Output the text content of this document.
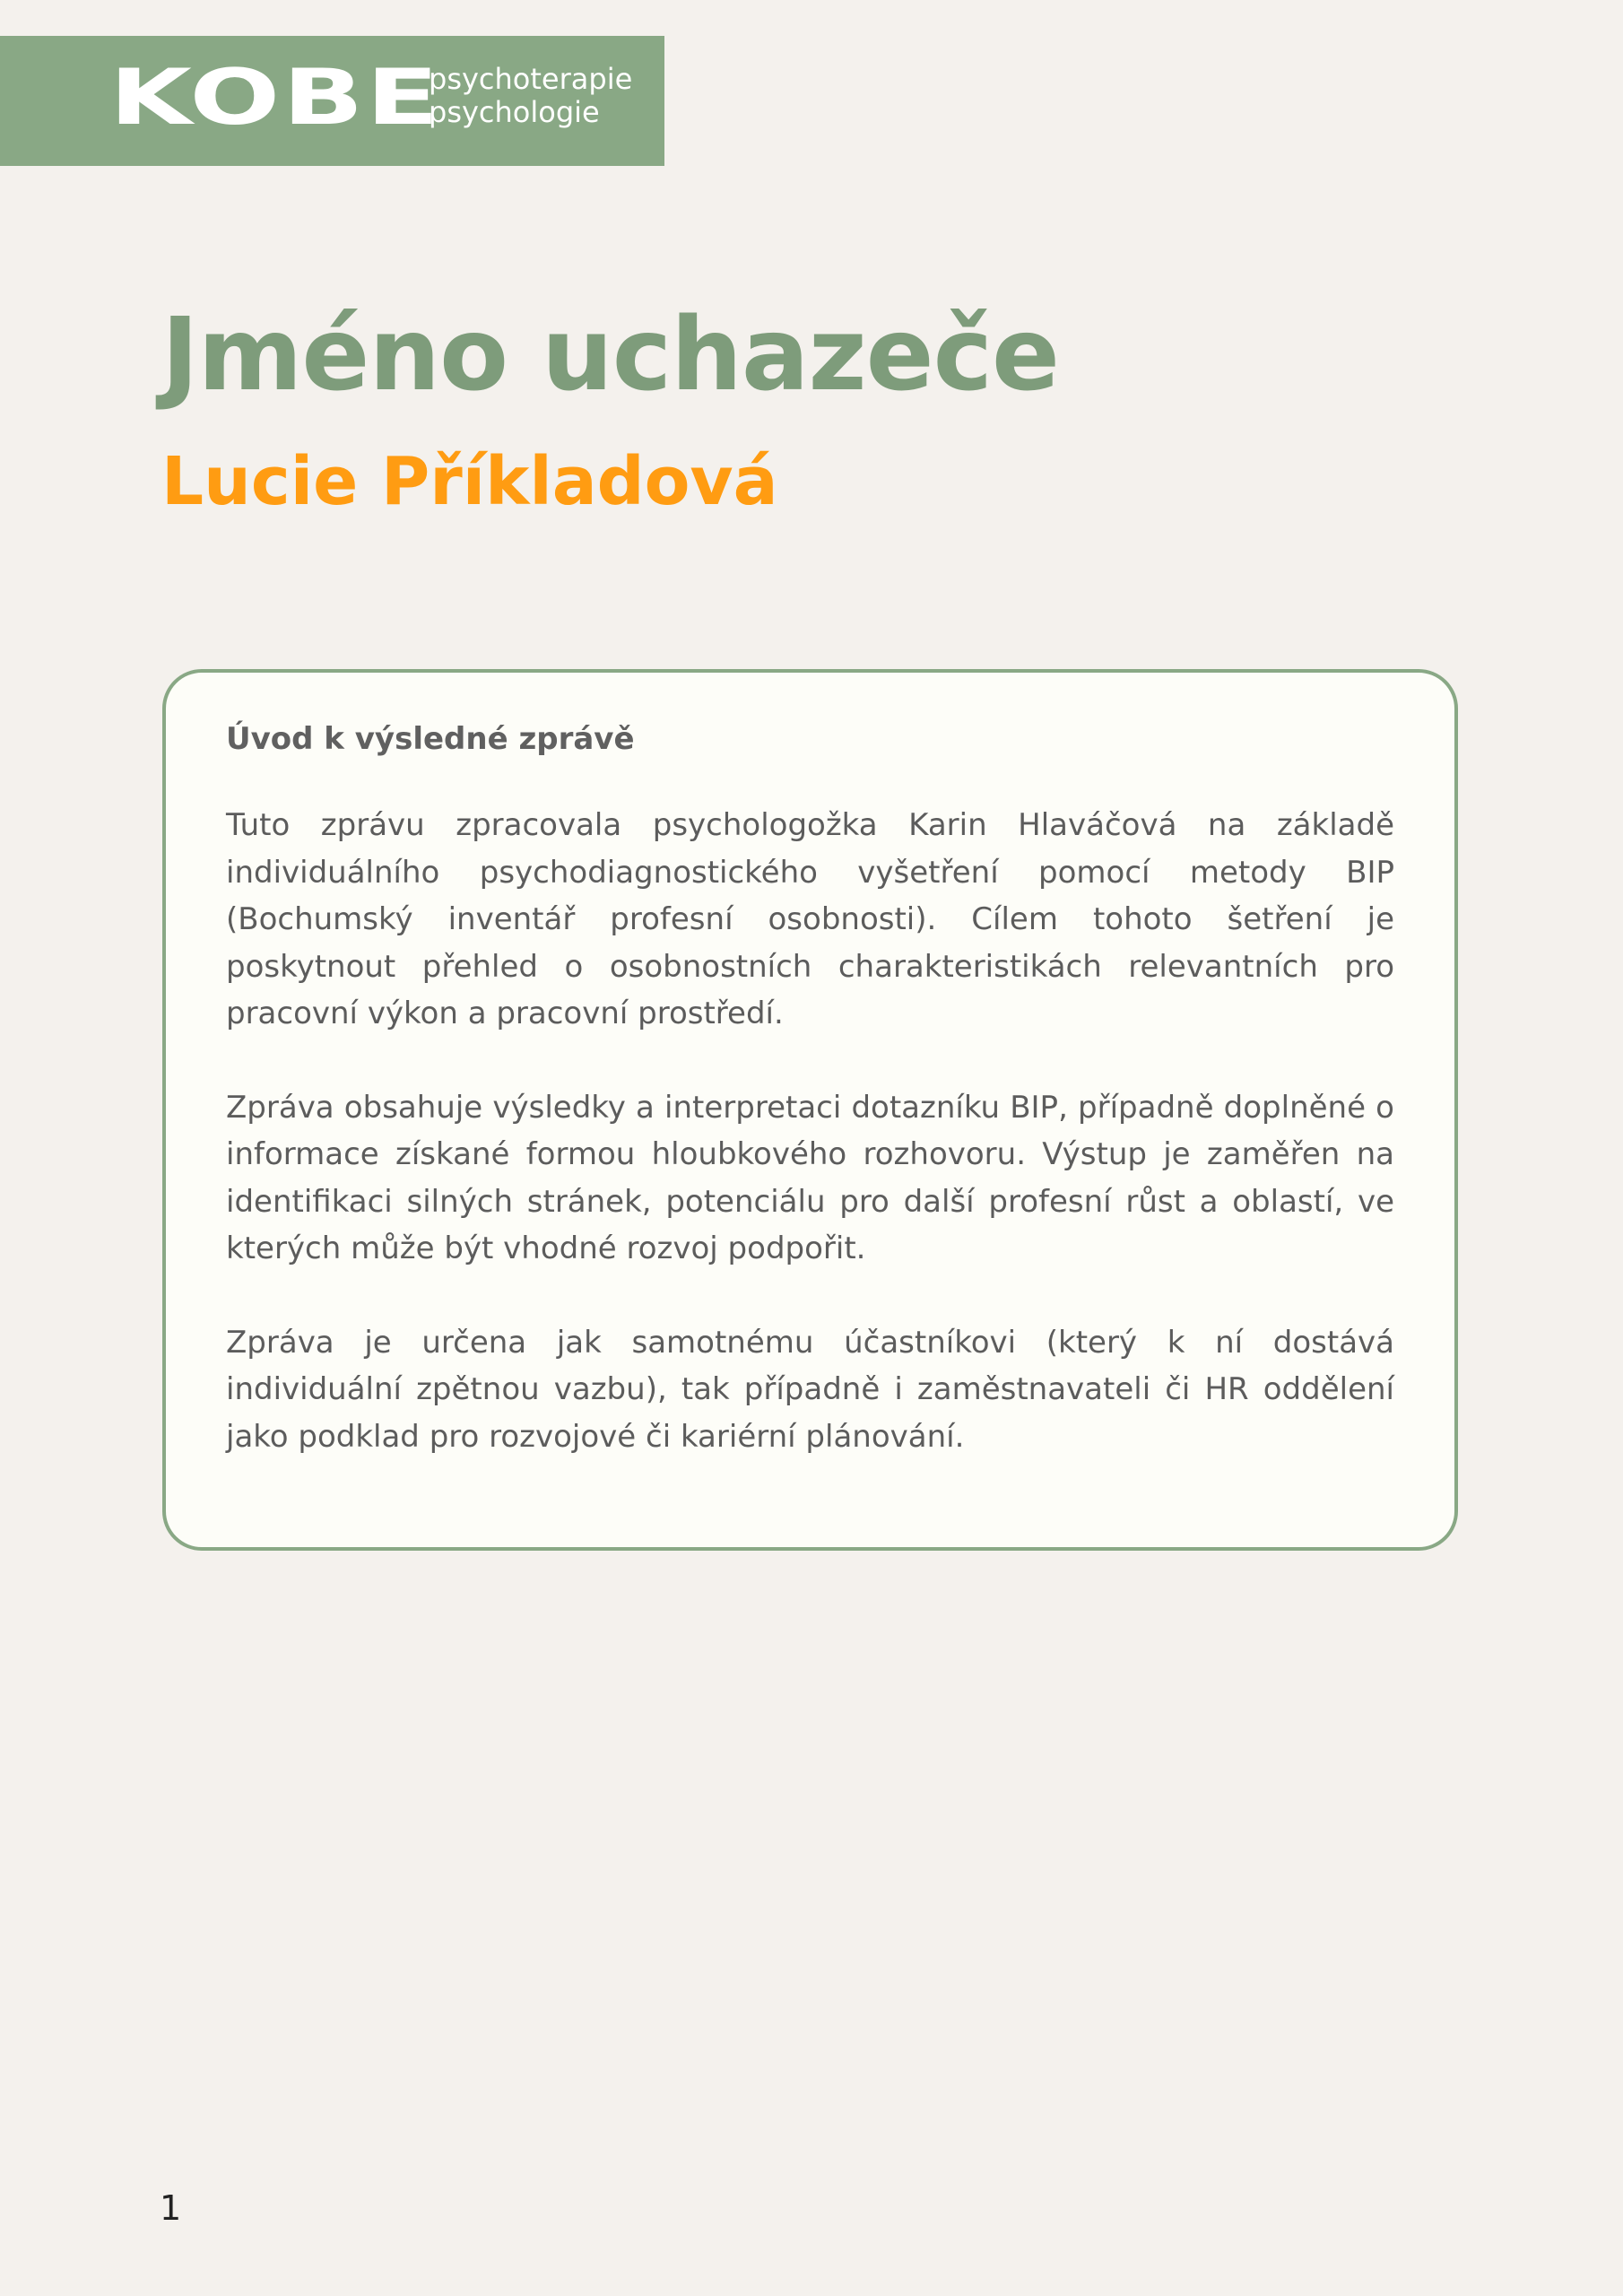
KOBE
psychoterapie
psychologie
Jméno uchazeče
Lucie Příkladová

Úvod k výsledné zprávě

Tuto zprávu zpracovala psychologožka Karin Hlaváčová na základě individuálního psychodiagnostického vyšetření pomocí metody BIP (Bochumský inventář profesní osobnosti). Cílem tohoto šetření je poskytnout přehled o osobnostních charakteristikách relevantních pro pracovní výkon a pracovní prostředí.

Zpráva obsahuje výsledky a interpretaci dotazníku BIP, případně doplněné o informace získané formou hloubkového rozhovoru. Výstup je zaměřen na identifikaci silných stránek, potenciálu pro další profesní růst a oblastí, ve kterých může být vhodné rozvoj podpořit.

Zpráva je určena jak samotnému účastníkovi (který k ní dostává individuální zpětnou vazbu), tak případně i zaměstnavateli či HR oddělení jako podklad pro rozvojové či kariérní plánování.

1
